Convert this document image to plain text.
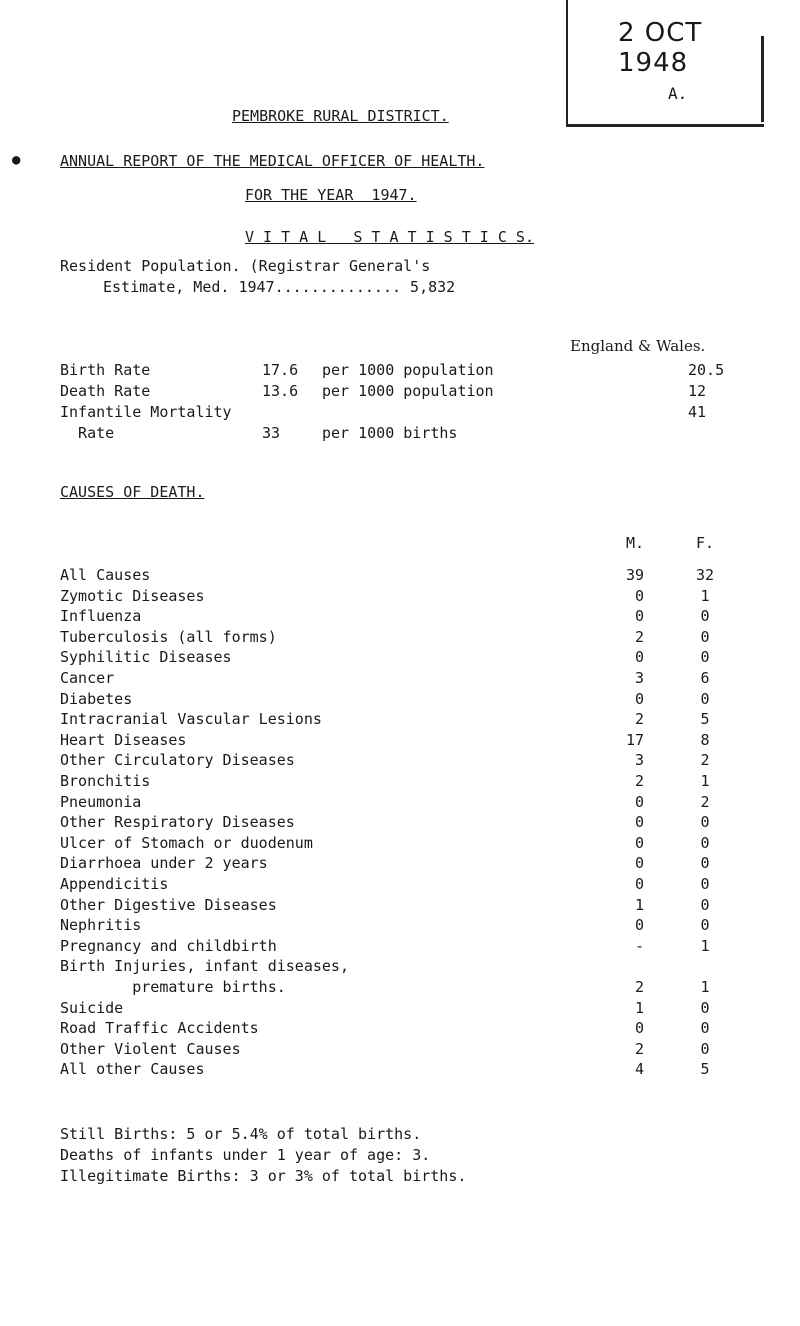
2 OCT 1948
A.
PEMBROKE RURAL DISTRICT.
●	ANNUAL REPORT OF THE MEDICAL OFFICER OF HEALTH.
FOR THE YEAR  1947.
V I T A L   S T A T I S T I C S.
Resident Population. (Registrar General's
Estimate, Med. 1947.............. 5,832
England & Wales.
Birth Rate	17.6 per 1000 population	20.5
Death Rate	13.6 per 1000 population	12
Infantile Mortality	41
Rate	33	per 1000 births
CAUSES OF DEATH.
M.	F.
All Causes	39	32
Zymotic Diseases	0	1
Influenza	0	0
Tuberculosis (all forms)	2	0
Syphilitic Diseases	0	0
Cancer	3	6
Diabetes	0	0
Intracranial Vascular Lesions	2	5
Heart Diseases	17	8
Other Circulatory Diseases	3	2
Bronchitis	2	1
Pneumonia	0	2
Other Respiratory Diseases	0	0
Ulcer of Stomach or duodenum	0	0
Diarrhoea under 2 years	0	0
Appendicitis	0	0
Other Digestive Diseases	1	0
Nephritis	0	0
Pregnancy and childbirth	-	1
Birth Injuries, infant diseases,
premature births.	2	1
Suicide	1	0
Road Traffic Accidents	0	0
Other Violent Causes	2	0
All other Causes	4	5
Still Births: 5 or 5.4% of total births.
Deaths of infants under 1 year of age: 3.
Illegitimate Births: 3 or 3% of total births.
